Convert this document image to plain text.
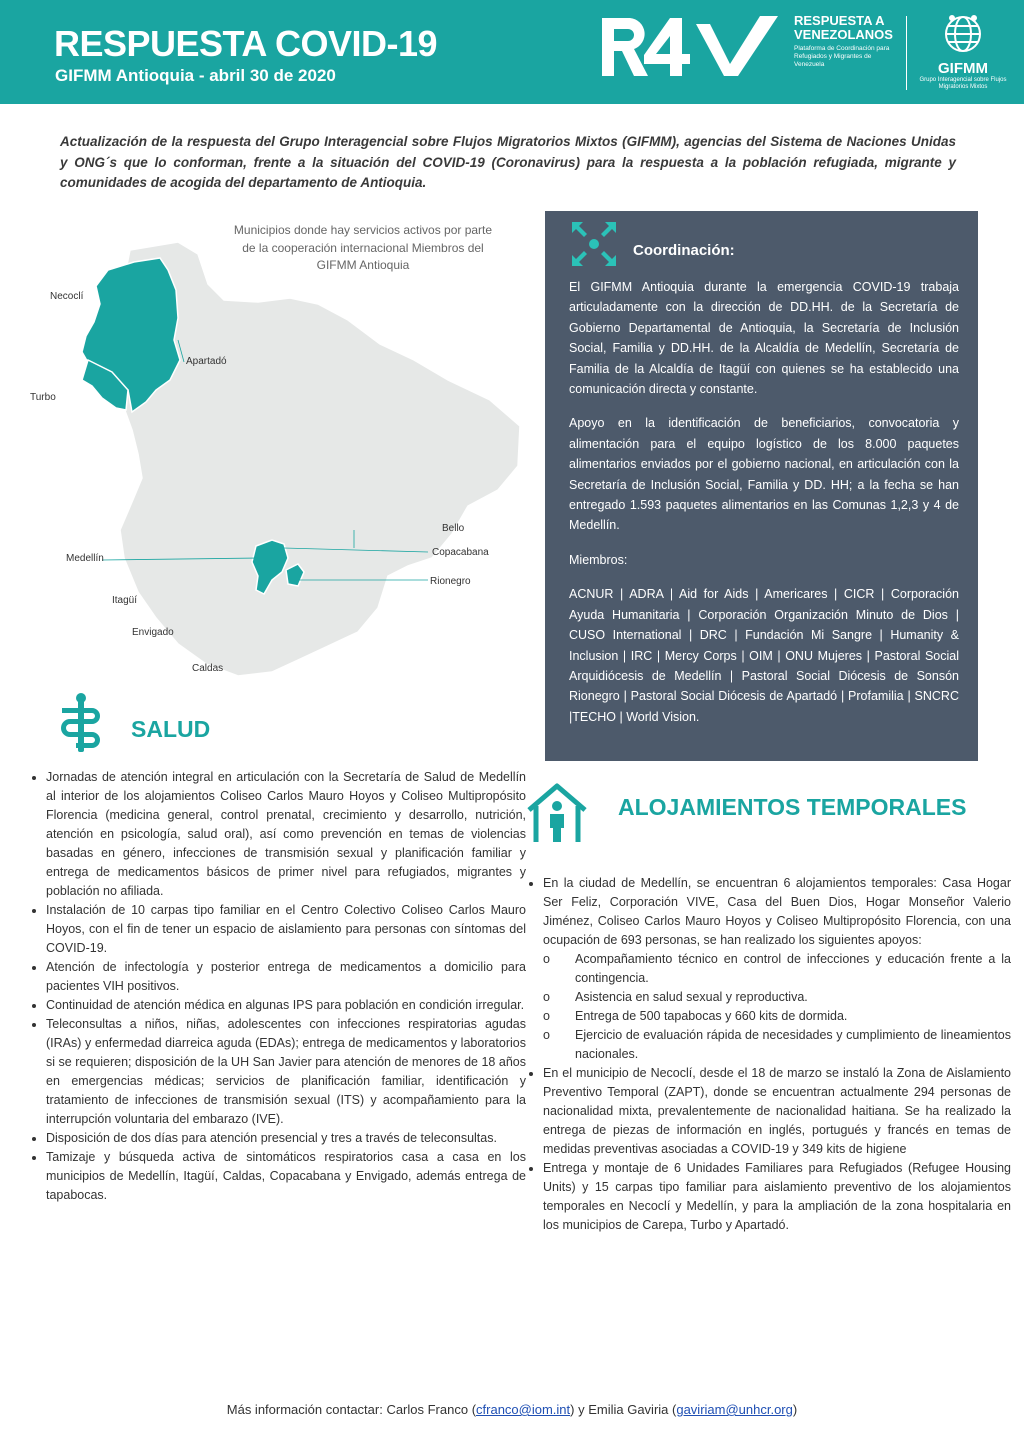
RESPUESTA COVID-19
GIFMM Antioquia - abril 30 de 2020
RESPUESTA A
VENEZOLANOS
Plataforma de Coordinación para Refugiados y Migrantes de Venezuela	GIFMM
Grupo Interagencial sobre Flujos Migratorios Mixtos
Actualización de la respuesta del Grupo Interagencial sobre Flujos Migratorios Mixtos (GIFMM), agencias del Sistema de Naciones Unidas y ONG´s que lo conforman, frente a la situación del COVID-19 (Coronavirus) para la respuesta a la población refugiada, migrante y comunidades de acogida del departamento de Antioquia.
Municipios donde hay servicios activos por parte de la cooperación internacional Miembros del GIFMM Antioquia
Necoclí
Apartadó
Turbo
Bello
Copacabana
Rionegro
Medellín
Itagüí
Envigado
Caldas
Coordinación:

El GIFMM Antioquia durante la emergencia COVID-19 trabaja articuladamente con la dirección de DD.HH. de la Secretaría de Gobierno Departamental de Antioquia, la Secretaría de Inclusión Social, Familia y DD.HH. de la Alcaldía de Medellín, Secretaría de Familia de la Alcaldía de Itagüí con quienes se ha establecido una comunicación directa y constante.

Apoyo en la identificación de beneficiarios, convocatoria y alimentación para el equipo logístico de los 8.000 paquetes alimentarios enviados por el gobierno nacional, en articulación con la Secretaría de Inclusión Social, Familia y DD. HH; a la fecha se han entregado 1.593 paquetes alimentarios en las Comunas 1,2,3 y 4 de Medellín.

Miembros:

ACNUR | ADRA | Aid for Aids | Americares | CICR | Corporación Ayuda Humanitaria | Corporación Organización Minuto de Dios | CUSO International | DRC | Fundación Mi Sangre | Humanity & Inclusion | IRC | Mercy Corps | OIM | ONU Mujeres | Pastoral Social Arquidiócesis de Medellín | Pastoral Social Diócesis de Sonsón Rionegro | Pastoral Social Diócesis de Apartadó | Profamilia | SNCRC |TECHO | World Vision.

SALUD
• Jornadas de atención integral en articulación con la Secretaría de Salud de Medellín al interior de los alojamientos Coliseo Carlos Mauro Hoyos y Coliseo Multipropósito Florencia (medicina general, control prenatal, crecimiento y desarrollo, nutrición, atención en psicología, salud oral), así como prevención en temas de violencias basadas en género, infecciones de transmisión sexual y planificación familiar y entrega de medicamentos básicos de primer nivel para refugiados, migrantes y población no afiliada.
• Instalación de 10 carpas tipo familiar en el Centro Colectivo Coliseo Carlos Mauro Hoyos, con el fin de tener un espacio de aislamiento para personas con síntomas del COVID-19.
• Atención de infectología y posterior entrega de medicamentos a domicilio para pacientes VIH positivos.
• Continuidad de atención médica en algunas IPS para población en condición irregular.
• Teleconsultas a niños, niñas, adolescentes con infecciones respiratorias agudas (IRAs) y enfermedad diarreica aguda (EDAs); entrega de medicamentos y laboratorios si se requieren; disposición de la UH San Javier para atención de menores de 18 años en emergencias médicas; servicios de planificación familiar, identificación y tratamiento de infecciones de transmisión sexual (ITS) y acompañamiento para la interrupción voluntaria del embarazo (IVE).
• Disposición de dos días para atención presencial y tres a través de teleconsultas.
• Tamizaje y búsqueda activa de sintomáticos respiratorios casa a casa en los municipios de Medellín, Itagüí, Caldas, Copacabana y Envigado, además entrega de tapabocas.
ALOJAMIENTOS TEMPORALES
• En la ciudad de Medellín, se encuentran 6 alojamientos temporales: Casa Hogar Ser Feliz, Corporación VIVE, Casa del Buen Dios, Hogar Monseñor Valerio Jiménez, Coliseo Carlos Mauro Hoyos y Coliseo Multipropósito Florencia, con una ocupación de 693 personas, se han realizado los siguientes apoyos:
o Acompañamiento técnico en control de infecciones y educación frente a la contingencia.
o Asistencia en salud sexual y reproductiva.
o Entrega de 500 tapabocas y 660 kits de dormida.
o Ejercicio de evaluación rápida de necesidades y cumplimiento de lineamientos nacionales.
• En el municipio de Necoclí, desde el 18 de marzo se instaló la Zona de Aislamiento Preventivo Temporal (ZAPT), donde se encuentran actualmente 294 personas de nacionalidad mixta, prevalentemente de nacionalidad haitiana. Se ha realizado la entrega de piezas de información en inglés, portugués y francés en temas de medidas preventivas asociadas a COVID-19 y 349 kits de higiene
• Entrega y montaje de 6 Unidades Familiares para Refugiados (Refugee Housing Units) y 15 carpas tipo familiar para aislamiento preventivo de los alojamientos temporales en Necoclí y Medellín, y para la ampliación de la zona hospitalaria en los municipios de Carepa, Turbo y Apartadó.
Más información contactar: Carlos Franco (cfranco@iom.int) y Emilia Gaviria (gaviriam@unhcr.org)
